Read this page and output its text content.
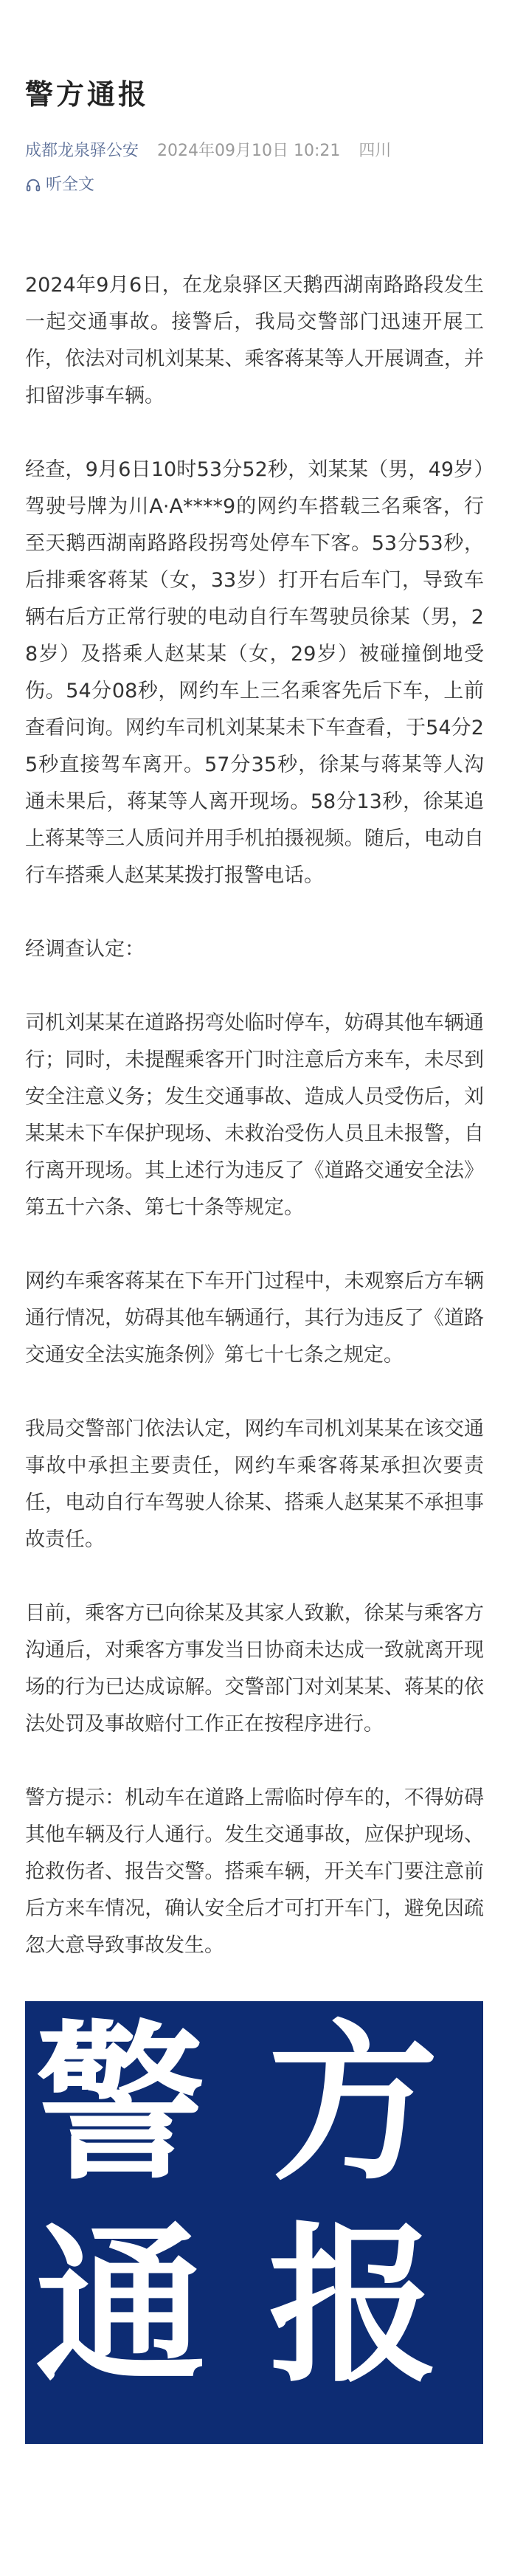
警方通报
成都龙泉驿公安 2024年09月10日 10:21 四川
听全文

2024年9月6日，在龙泉驿区天鹅西湖南路路段发生一起交通事故。接警后，我局交警部门迅速开展工作，依法对司机刘某某、乘客蒋某等人开展调查，并扣留涉事车辆。

经查，9月6日10时53分52秒，刘某某（男，49岁）驾驶号牌为川A·A****9的网约车搭载三名乘客，行至天鹅西湖南路路段拐弯处停车下客。53分53秒，后排乘客蒋某（女，33岁）打开右后车门，导致车辆右后方正常行驶的电动自行车驾驶员徐某（男，28岁）及搭乘人赵某某（女，29岁）被碰撞倒地受伤。54分08秒，网约车上三名乘客先后下车，上前查看问询。网约车司机刘某某未下车查看，于54分25秒直接驾车离开。57分35秒，徐某与蒋某等人沟通未果后，蒋某等人离开现场。58分13秒，徐某追上蒋某等三人质问并用手机拍摄视频。随后，电动自行车搭乘人赵某某拨打报警电话。

经调查认定：

司机刘某某在道路拐弯处临时停车，妨碍其他车辆通行；同时，未提醒乘客开门时注意后方来车，未尽到安全注意义务；发生交通事故、造成人员受伤后，刘某某未下车保护现场、未救治受伤人员且未报警，自行离开现场。其上述行为违反了《道路交通安全法》第五十六条、第七十条等规定。

网约车乘客蒋某在下车开门过程中，未观察后方车辆通行情况，妨碍其他车辆通行，其行为违反了《道路交通安全法实施条例》第七十七条之规定。

我局交警部门依法认定，网约车司机刘某某在该交通事故中承担主要责任，网约车乘客蒋某承担次要责任，电动自行车驾驶人徐某、搭乘人赵某某不承担事故责任。

目前，乘客方已向徐某及其家人致歉，徐某与乘客方沟通后，对乘客方事发当日协商未达成一致就离开现场的行为已达成谅解。交警部门对刘某某、蒋某的依法处罚及事故赔付工作正在按程序进行。

警方提示：机动车在道路上需临时停车的，不得妨碍其他车辆及行人通行。发生交通事故，应保护现场、抢救伤者、报告交警。搭乘车辆，开关车门要注意前后方来车情况，确认安全后才可打开车门，避免因疏忽大意导致事故发生。

警 方
通 报
